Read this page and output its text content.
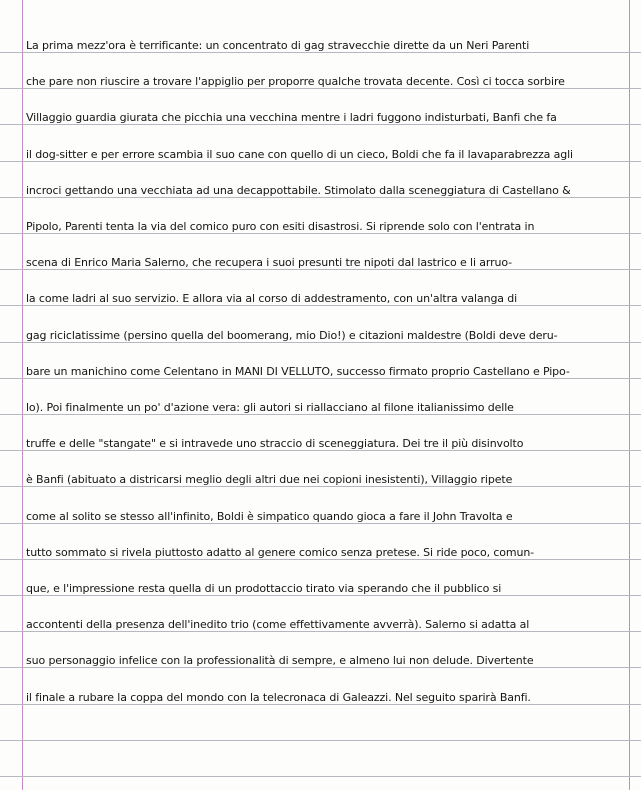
La prima mezz'ora è terrificante: un concentrato di gag stravecchie dirette da un Neri Parenti
che pare non riuscire a trovare l'appiglio per proporre qualche trovata decente. Così ci tocca sorbire
Villaggio guardia giurata che picchia una vecchina mentre i ladri fuggono indisturbati, Banfi che fa
il dog-sitter e per errore scambia il suo cane con quello di un cieco, Boldi che fa il lavaparabrezza agli
incroci gettando una vecchiata ad una decappottabile. Stimolato dalla sceneggiatura di Castellano &
Pipolo, Parenti tenta la via del comico puro con esiti disastrosi. Si riprende solo con l'entrata in
scena di Enrico Maria Salerno, che recupera i suoi presunti tre nipoti dal lastrico e li arruo-
la come ladri al suo servizio. E allora via al corso di addestramento, con un'altra valanga di
gag riciclatissime (persino quella del boomerang, mio Dio!) e citazioni maldestre (Boldi deve deru-
bare un manichino come Celentano in MANI DI VELLUTO, successo firmato proprio Castellano e Pipo-
lo). Poi finalmente un po' d'azione vera: gli autori si riallacciano al filone italianissimo delle
truffe e delle "stangate" e si intravede uno straccio di sceneggiatura. Dei tre il più disinvolto
è Banfi (abituato a districarsi meglio degli altri due nei copioni inesistenti), Villaggio ripete
come al solito se stesso all'infinito, Boldi è simpatico quando gioca a fare il John Travolta e
tutto sommato si rivela piuttosto adatto al genere comico senza pretese. Si ride poco, comun-
que, e l'impressione resta quella di un prodottaccio tirato via sperando che il pubblico si
accontenti della presenza dell'inedito trio (come effettivamente avverrà). Salerno si adatta al
suo personaggio infelice con la professionalità di sempre, e almeno lui non delude. Divertente
il finale a rubare la coppa del mondo con la telecronaca di Galeazzi. Nel seguito sparirà Banfi.
